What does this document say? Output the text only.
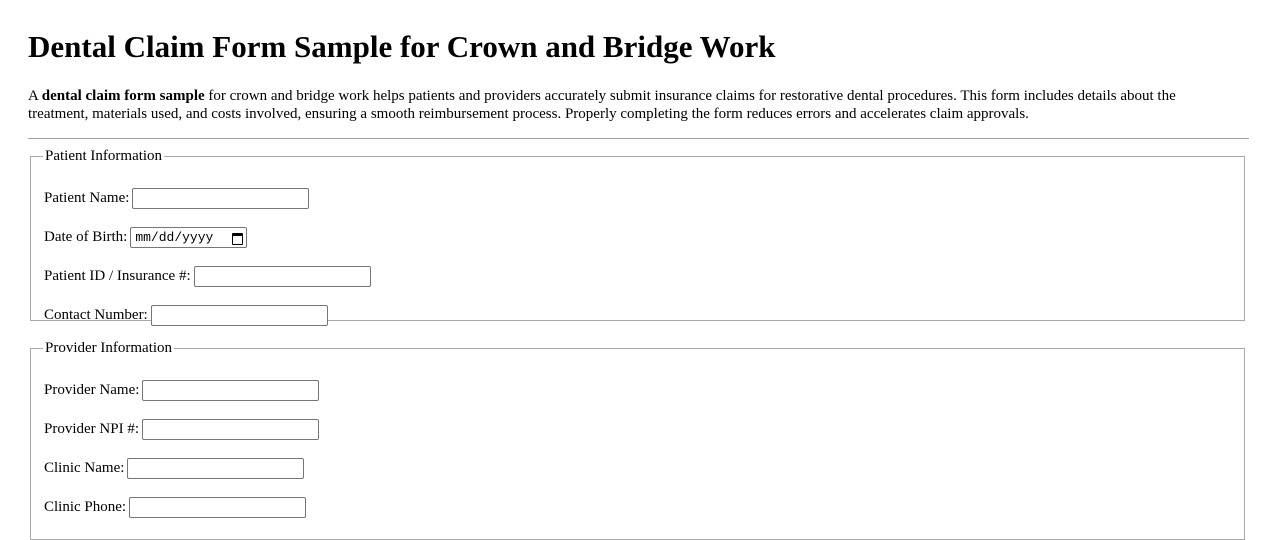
Dental Claim Form Sample for Crown and Bridge Work

A dental claim form sample for crown and bridge work helps patients and providers accurately submit insurance claims for restorative dental procedures. This form includes details about the treatment, materials used, and costs involved, ensuring a smooth reimbursement process. Properly completing the form reduces errors and accelerates claim approvals.

Patient Information
Patient Name:
Date of Birth: mm/dd/yyyy
Patient ID / Insurance #:
Contact Number:
Provider Information
Provider Name:
Provider NPI #:
Clinic Name:
Clinic Phone:
